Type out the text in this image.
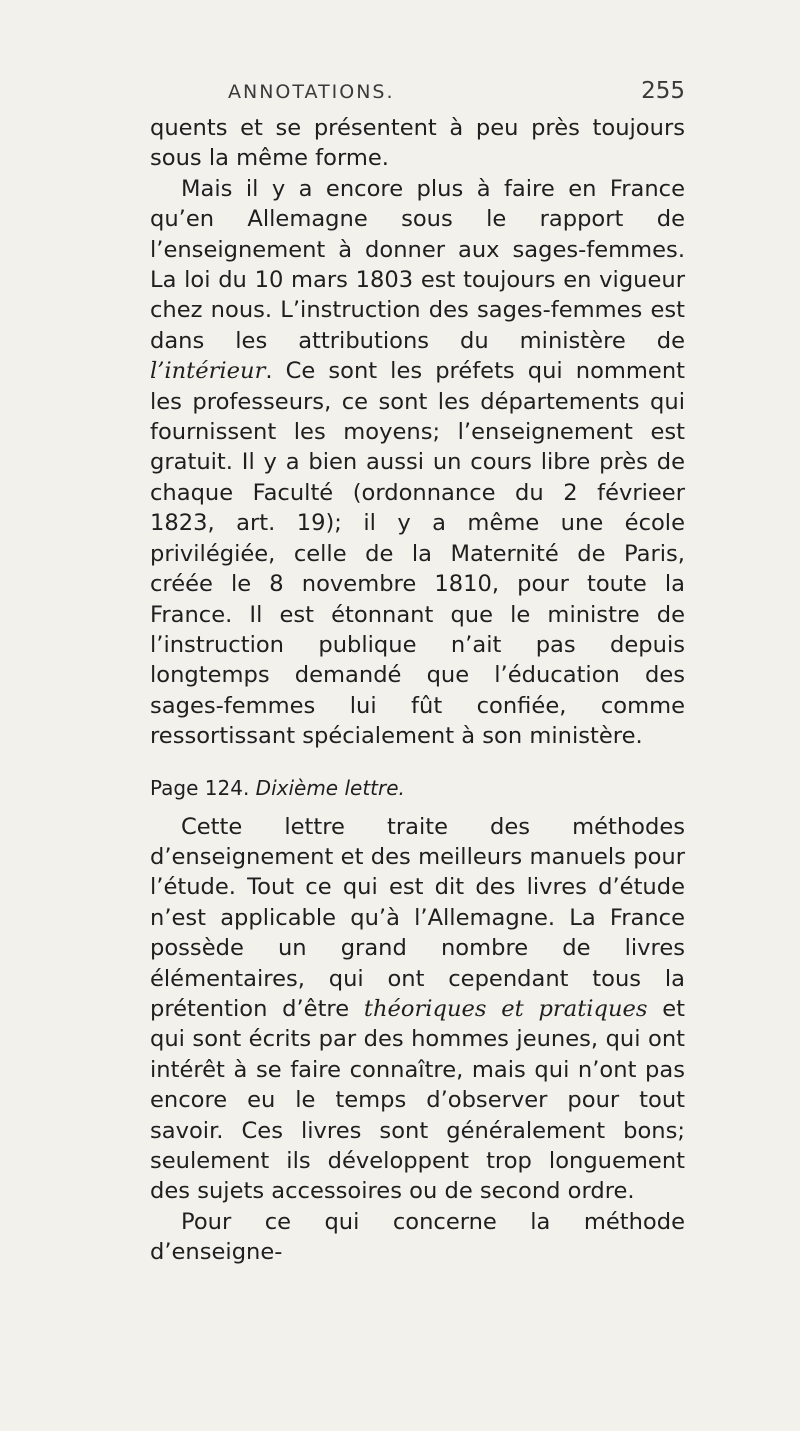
ANNOTATIONS.	255

quents et se présentent à peu près toujours sous la même forme.

Mais il y a encore plus à faire en France qu’en Allemagne sous le rapport de l’enseignement à donner aux sages-femmes. La loi du 10 mars 1803 est toujours en vigueur chez nous. L’instruction des sages-femmes est dans les attributions du ministère de l’intérieur. Ce sont les préfets qui nomment les professeurs, ce sont les départements qui fournissent les moyens; l’enseignement est gratuit. Il y a bien aussi un cours libre près de chaque Faculté (ordonnance du 2 févrieer 1823, art. 19); il y a même une école privilégiée, celle de la Maternité de Paris, créée le 8 novembre 1810, pour toute la France. Il est étonnant que le ministre de l’instruction publique n’ait pas depuis longtemps demandé que l’éducation des sages-femmes lui fût confiée, comme ressortissant spécialement à son ministère.

Page 124. Dixième lettre.

Cette lettre traite des méthodes d’enseignement et des meilleurs manuels pour l’étude. Tout ce qui est dit des livres d’étude n’est applicable qu’à l’Allemagne. La France possède un grand nombre de livres élémentaires, qui ont cependant tous la prétention d’être théoriques et pratiques et qui sont écrits par des hommes jeunes, qui ont intérêt à se faire connaître, mais qui n’ont pas encore eu le temps d’observer pour tout savoir. Ces livres sont généralement bons; seulement ils développent trop longuement des sujets accessoires ou de second ordre.

Pour ce qui concerne la méthode d’enseigne-
